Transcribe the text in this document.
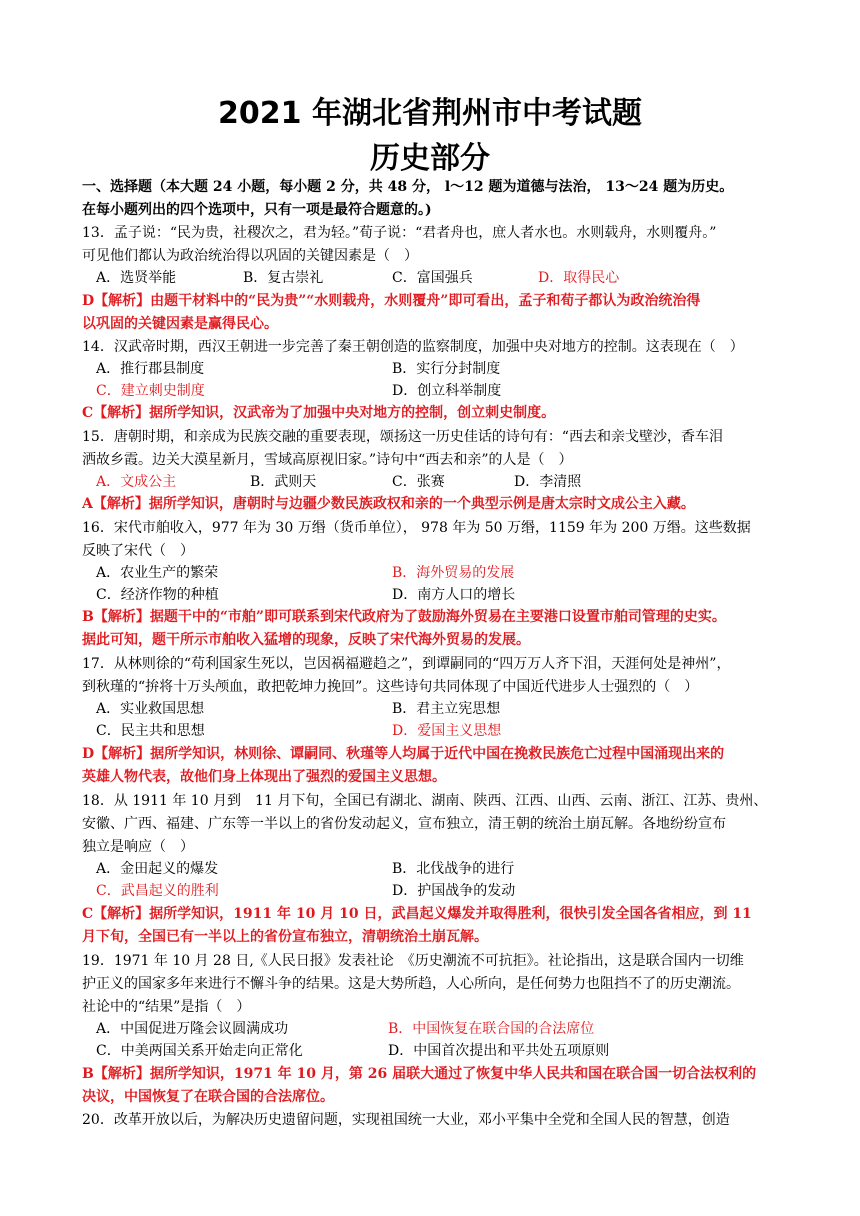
2021 年湖北省荆州市中考试题
历史部分
一、选择题（本大题 24 小题，每小题 2 分，共 48 分， l～12 题为道德与法治， 13～24 题为历史。
在每小题列出的四个选项中，只有一项是最符合题意的。)
13．孟子说：“民为贵，社稷次之，君为轻。”荀子说：“君者舟也，庶人者水也。水则载舟，水则覆舟。”
可见他们都认为政治统治得以巩固的关键因素是（　）
A．选贤举能	B．复古崇礼	C．富国强兵	D．取得民心
D【解析】由题干材料中的“民为贵”“水则载舟，水则覆舟”即可看出，孟子和荀子都认为政治统治得
以巩固的关键因素是赢得民心。
14．汉武帝时期，西汉王朝进一步完善了秦王朝创造的监察制度，加强中央对地方的控制。这表现在（　）
A．推行郡县制度	B．实行分封制度
C．建立刺史制度	D．创立科举制度
C【解析】据所学知识，汉武帝为了加强中央对地方的控制，创立刺史制度。
15．唐朝时期，和亲成为民族交融的重要表现，颂扬这一历史佳话的诗句有：“西去和亲戈壁沙，香车泪
洒故乡霞。边关大漠星新月，雪域高原视旧家。”诗句中“西去和亲”的人是（　）
A．文成公主	B．武则天	C．张赛	D．李清照
A【解析】据所学知识，唐朝时与边疆少数民族政权和亲的一个典型示例是唐太宗时文成公主入藏。
16．宋代市舶收入，977 年为 30 万缗（货币单位）， 978 年为 50 万缗，1159 年为 200 万缗。这些数据
反映了宋代（　）
A．农业生产的繁荣	B．海外贸易的发展
C．经济作物的种植	D．南方人口的增长
B【解析】据题干中的“市舶”即可联系到宋代政府为了鼓励海外贸易在主要港口设置市舶司管理的史实。
据此可知，题干所示市舶收入猛增的现象，反映了宋代海外贸易的发展。
17．从林则徐的“苟利国家生死以，岂因祸福避趋之”，到谭嗣同的“四万万人齐下泪，天涯何处是神州”，
到秋瑾的“拚将十万头颅血，敢把乾坤力挽回”。这些诗句共同体现了中国近代进步人士强烈的（　）
A．实业救国思想	B．君主立宪思想
C．民主共和思想	D．爱国主义思想
D【解析】据所学知识，林则徐、谭嗣同、秋瑾等人均属于近代中国在挽救民族危亡过程中国涌现出来的
英雄人物代表，故他们身上体现出了强烈的爱国主义思想。
18．从 1911 年 10 月到　11 月下旬，全国已有湖北、湖南、陕西、江西、山西、云南、浙江、江苏、贵州、
安徽、广西、福建、广东等一半以上的省份发动起义，宣布独立，清王朝的统治土崩瓦解。各地纷纷宣布
独立是响应（　）
A．金田起义的爆发	B．北伐战争的进行
C．武昌起义的胜利	D．护国战争的发动
C【解析】据所学知识，1911 年 10 月 10 日，武昌起义爆发并取得胜利，很快引发全国各省相应，到 11
月下旬，全国已有一半以上的省份宣布独立，清朝统治土崩瓦解。
19．1971 年 10 月 28 日,《人民日报》发表社论　《历史潮流不可抗拒》。社论指出，这是联合国内一切维
护正义的国家多年来进行不懈斗争的结果。这是大势所趋，人心所向，是任何势力也阻挡不了的历史潮流。
社论中的“结果”是指（　）
A．中国促进万隆会议圆满成功	B．中国恢复在联合国的合法席位
C．中美两国关系开始走向正常化	D．中国首次提出和平共处五项原则
B【解析】据所学知识，1971 年 10 月，第 26 届联大通过了恢复中华人民共和国在联合国一切合法权利的
决议，中国恢复了在联合国的合法席位。
20．改革开放以后，为解决历史遗留问题，实现祖国统一大业，邓小平集中全党和全国人民的智慧，创造
